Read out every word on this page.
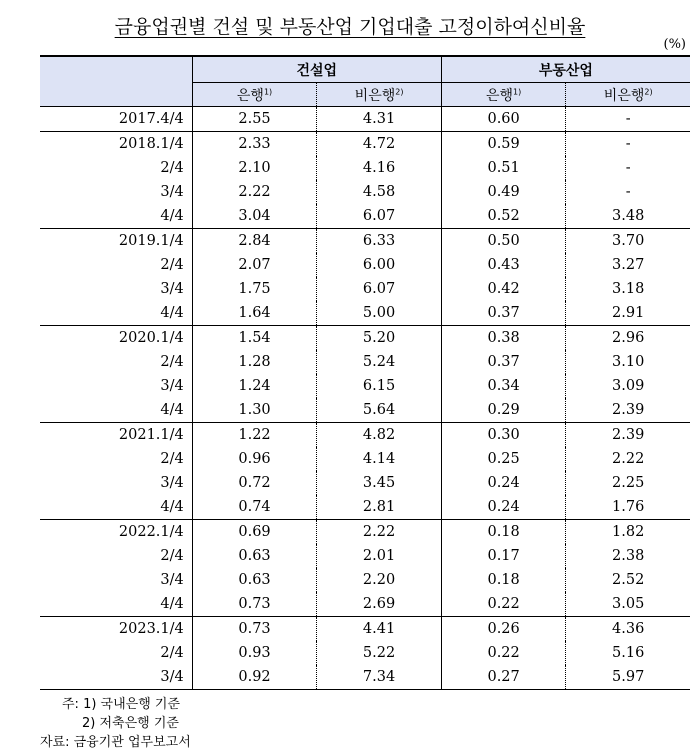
금융업권별 건설 및 부동산업 기업대출 고정이하여신비율
(%)
	건설업		부동산업	
	은행$^{1)}$	비은행$^{2)}$	은행$^{1)}$	비은행$^{2)}$
2017.4/4	2.55	4.31	0.60	-
2018.1/4	2.33	4.72	0.59	-
2/4	2.10	4.16	0.51	-
3/4	2.22	4.58	0.49	-
4/4	3.04	6.07	0.52	3.48
2019.1/4	2.84	6.33	0.50	3.70
2/4	2.07	6.00	0.43	3.27
3/4	1.75	6.07	0.42	3.18
4/4	1.64	5.00	0.37	2.91
2020.1/4	1.54	5.20	0.38	2.96
2/4	1.28	5.24	0.37	3.10
3/4	1.24	6.15	0.34	3.09
4/4	1.30	5.64	0.29	2.39
2021.1/4	1.22	4.82	0.30	2.39
2/4	0.96	4.14	0.25	2.22
3/4	0.72	3.45	0.24	2.25
4/4	0.74	2.81	0.24	1.76
2022.1/4	0.69	2.22	0.18	1.82
2/4	0.63	2.01	0.17	2.38
3/4	0.63	2.20	0.18	2.52
4/4	0.73	2.69	0.22	3.05
2023.1/4	0.73	4.41	0.26	4.36
2/4	0.93	5.22	0.22	5.16
3/4	0.92	7.34	0.27	5.97
주: 1) 국내은행 기준
2) 저축은행 기준
자료: 금융기관 업무보고서
